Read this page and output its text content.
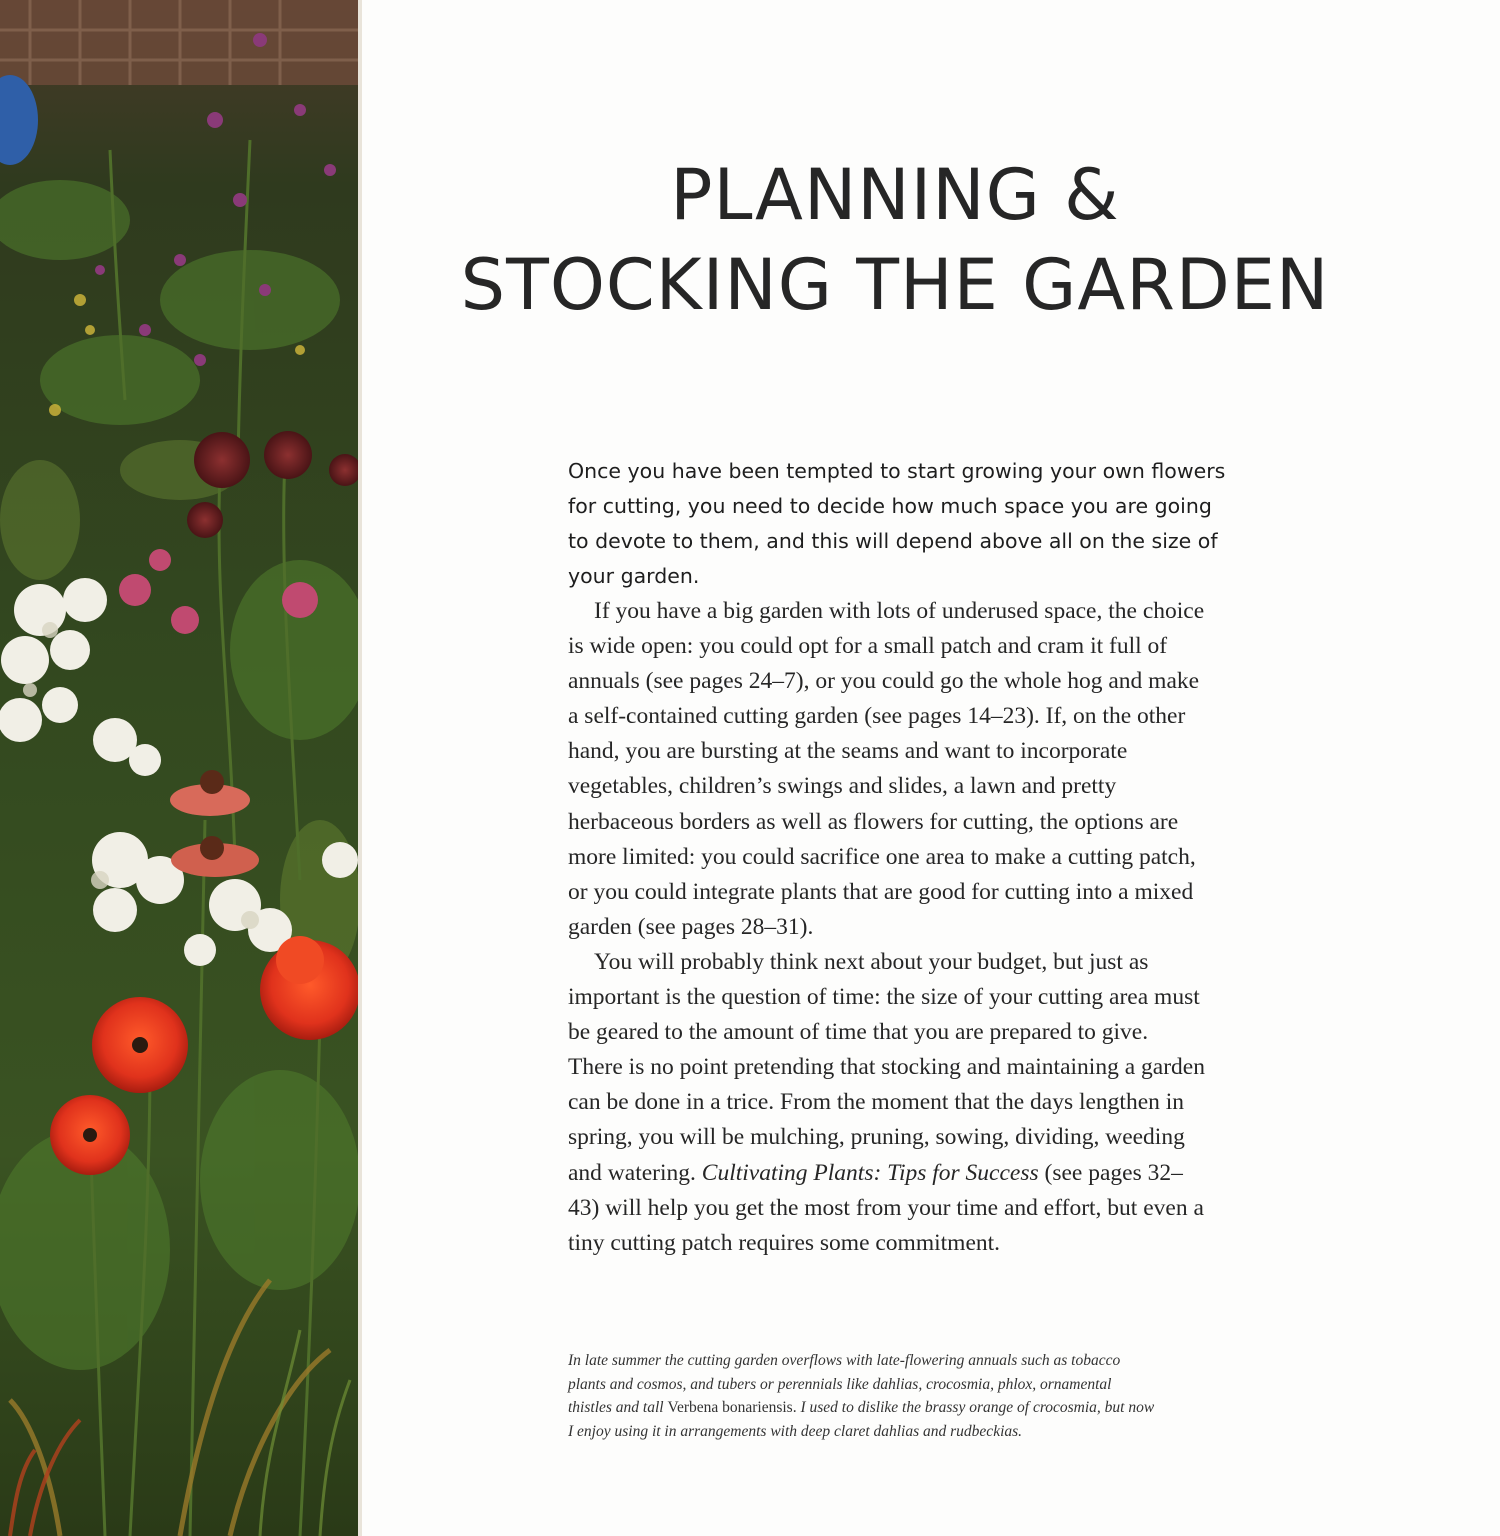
PLANNING &
STOCKING THE GARDEN

Once you have been tempted to start growing your own flowers for cutting, you need to decide how much space you are going to devote to them, and this will depend above all on the size of your garden.

If you have a big garden with lots of underused space, the choice is wide open: you could opt for a small patch and cram it full of annuals (see pages 24–7), or you could go the whole hog and make a self-contained cutting garden (see pages 14–23). If, on the other hand, you are bursting at the seams and want to incorporate vegetables, children’s swings and slides, a lawn and pretty herbaceous borders as well as flowers for cutting, the options are more limited: you could sacrifice one area to make a cutting patch, or you could integrate plants that are good for cutting into a mixed garden (see pages 28–31).

You will probably think next about your budget, but just as important is the question of time: the size of your cutting area must be geared to the amount of time that you are prepared to give. There is no point pretending that stocking and maintaining a garden can be done in a trice. From the moment that the days lengthen in spring, you will be mulching, pruning, sowing, dividing, weeding and watering. Cultivating Plants: Tips for Success (see pages 32–43) will help you get the most from your time and effort, but even a tiny cutting patch requires some commitment.

In late summer the cutting garden overflows with late-flowering annuals such as tobacco plants and cosmos, and tubers or perennials like dahlias, crocosmia, phlox, ornamental thistles and tall Verbena bonariensis. I used to dislike the brassy orange of crocosmia, but now I enjoy using it in arrangements with deep claret dahlias and rudbeckias.
